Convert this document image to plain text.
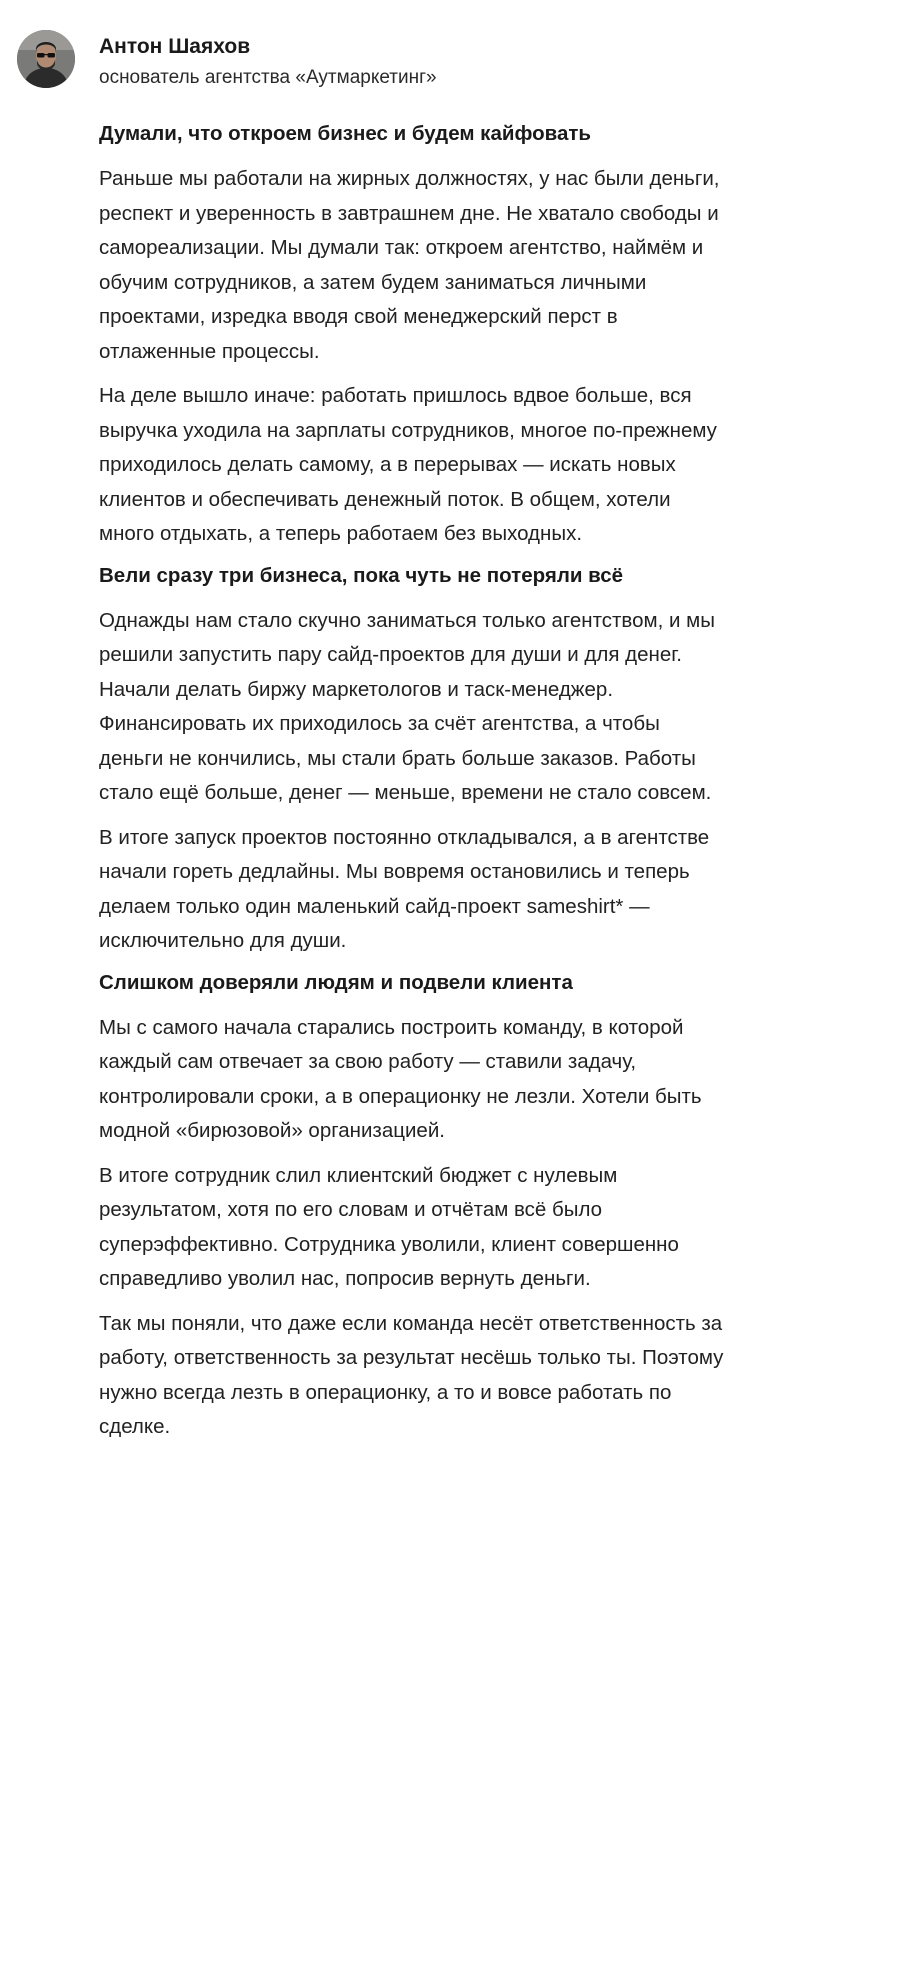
Антон Шаяхов
основатель агентства «Аутмаркетинг»
Думали, что откроем бизнес и будем кайфовать

Раньше мы работали на жирных должностях, у нас были деньги, респект и уверенность в завтрашнем дне. Не хватало свободы и самореализации. Мы думали так: откроем агентство, наймём и обучим сотрудников, а затем будем заниматься личными проектами, изредка вводя свой менеджерский перст в отлаженные процессы.

На деле вышло иначе: работать пришлось вдвое больше, вся выручка уходила на зарплаты сотрудников, многое по-прежнему приходилось делать самому, а в перерывах — искать новых клиентов и обеспечивать денежный поток. В общем, хотели много отдыхать, а теперь работаем без выходных.

Вели сразу три бизнеса, пока чуть не потеряли всё

Однажды нам стало скучно заниматься только агентством, и мы решили запустить пару сайд-проектов для души и для денег. Начали делать биржу маркетологов и таск-менеджер. Финансировать их приходилось за счёт агентства, а чтобы деньги не кончились, мы стали брать больше заказов. Работы стало ещё больше, денег — меньше, времени не стало совсем.

В итоге запуск проектов постоянно откладывался, а в агентстве начали гореть дедлайны. Мы вовремя остановились и теперь делаем только один маленький сайд-проект sameshirt* — исключительно для души.

Слишком доверяли людям и подвели клиента

Мы с самого начала старались построить команду, в которой каждый сам отвечает за свою работу — ставили задачу, контролировали сроки, а в операционку не лезли. Хотели быть модной «бирюзовой» организацией.

В итоге сотрудник слил клиентский бюджет с нулевым результатом, хотя по его словам и отчётам всё было суперэффективно. Сотрудника уволили, клиент совершенно справедливо уволил нас, попросив вернуть деньги.

Так мы поняли, что даже если команда несёт ответственность за работу, ответственность за результат несёшь только ты. Поэтому нужно всегда лезть в операционку, а то и вовсе работать по сделке.
